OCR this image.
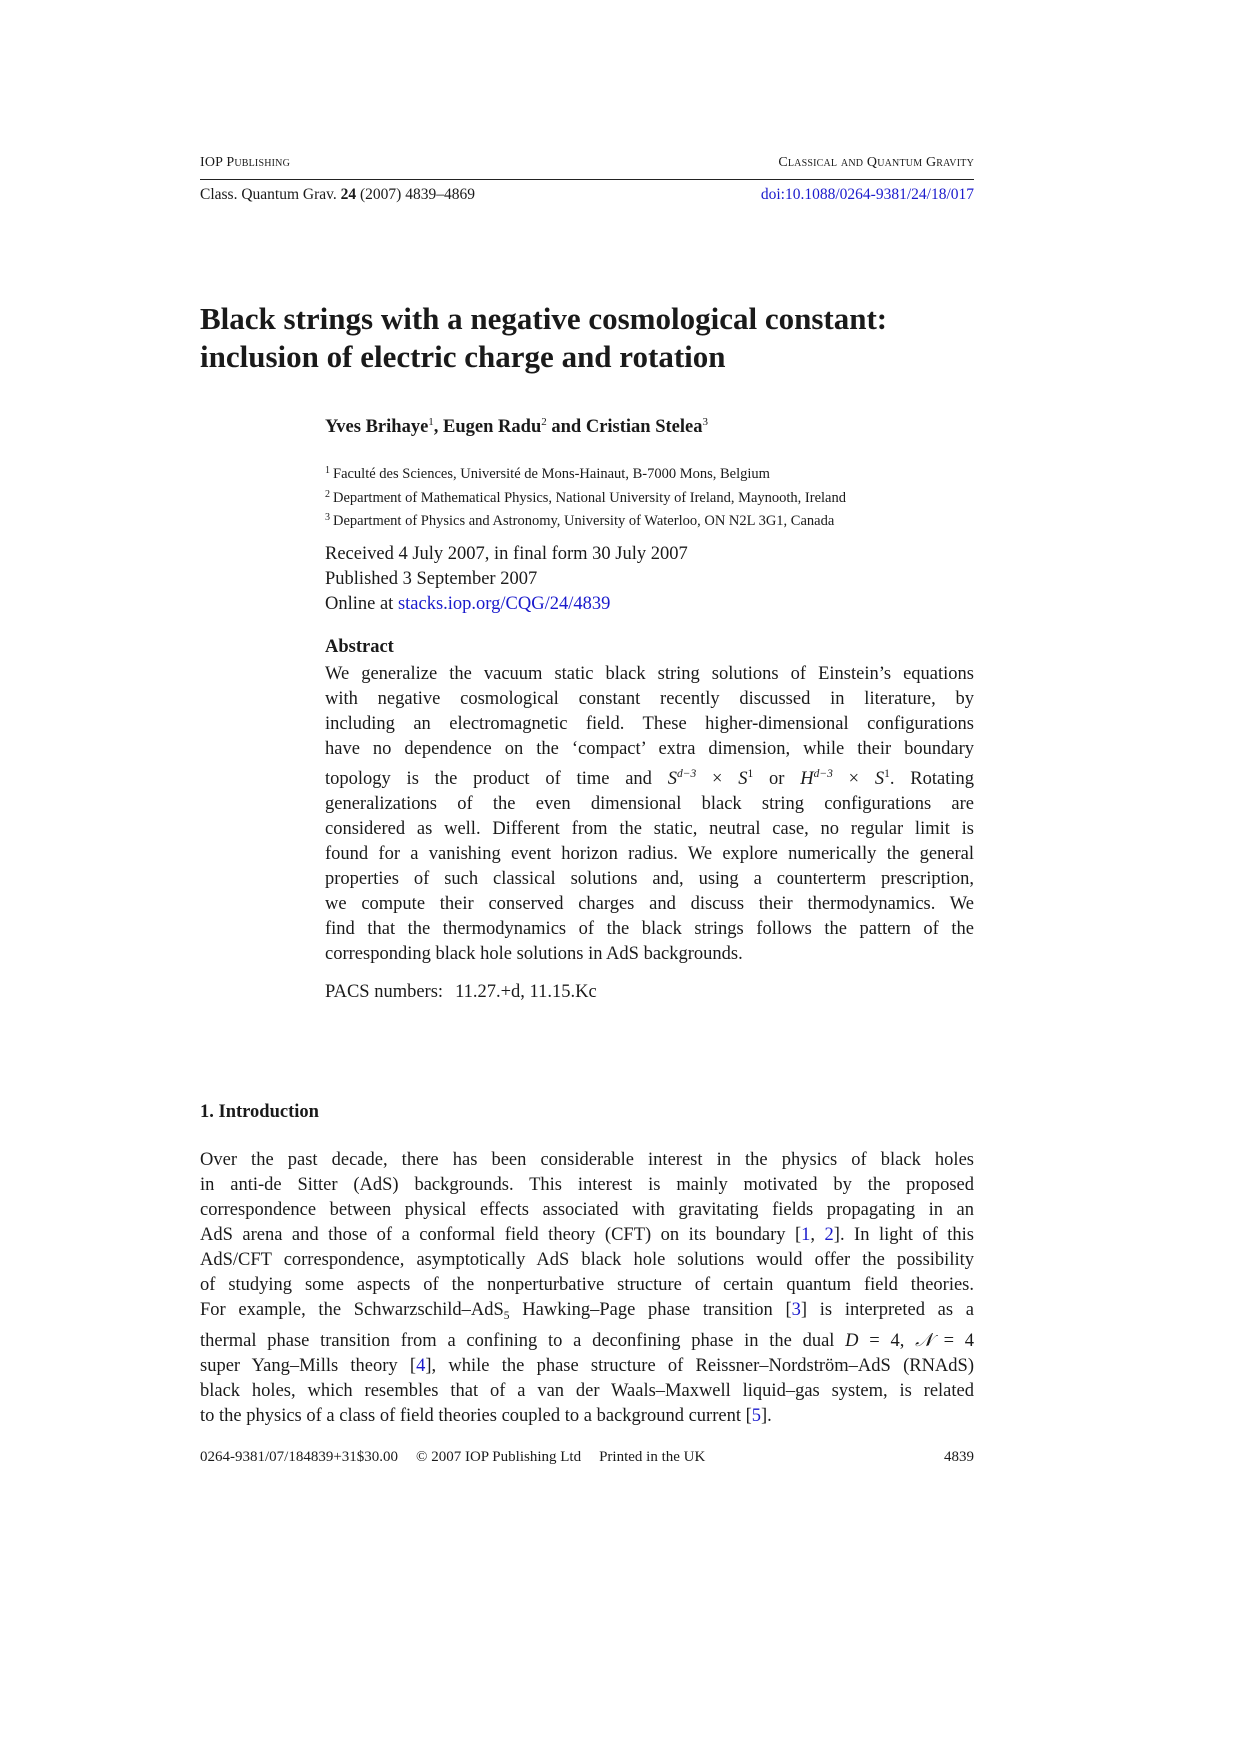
IOP Publishing	Classical and Quantum Gravity
Class. Quantum Grav. 24 (2007) 4839–4869	doi:10.1088/0264-9381/24/18/017
Black strings with a negative cosmological constant:
inclusion of electric charge and rotation
Yves Brihaye$^1$, Eugen Radu$^2$ and Cristian Stelea$^3$
$^1$ Faculté des Sciences, Université de Mons-Hainaut, B-7000 Mons, Belgium
$^2$ Department of Mathematical Physics, National University of Ireland, Maynooth, Ireland
$^3$ Department of Physics and Astronomy, University of Waterloo, ON N2L 3G1, Canada
Received 4 July 2007, in final form 30 July 2007
Published 3 September 2007
Online at stacks.iop.org/CQG/24/4839
Abstract
We generalize the vacuum static black string solutions of Einstein’s equations
with negative cosmological constant recently discussed in literature, by
including an electromagnetic field. These higher-dimensional configurations
have no dependence on the ‘compact’ extra dimension, while their boundary
topology is the product of time and $S^{d-3} \times S^1$ or $H^{d-3} \times S^1$. Rotating
generalizations of the even dimensional black string configurations are
considered as well. Different from the static, neutral case, no regular limit is
found for a vanishing event horizon radius. We explore numerically the general
properties of such classical solutions and, using a counterterm prescription,
we compute their conserved charges and discuss their thermodynamics. We
find that the thermodynamics of the black strings follows the pattern of the
corresponding black hole solutions in AdS backgrounds.
PACS numbers: 11.27.+d, 11.15.Kc
1. Introduction
Over the past decade, there has been considerable interest in the physics of black holes
in anti-de Sitter (AdS) backgrounds. This interest is mainly motivated by the proposed
correspondence between physical effects associated with gravitating fields propagating in an
AdS arena and those of a conformal field theory (CFT) on its boundary [1, 2]. In light of this
AdS/CFT correspondence, asymptotically AdS black hole solutions would offer the possibility
of studying some aspects of the nonperturbative structure of certain quantum field theories.
For example, the Schwarzschild–AdS$_5$ Hawking–Page phase transition [3] is interpreted as a
thermal phase transition from a confining to a deconfining phase in the dual D = 4, 𝒩 = 4
super Yang–Mills theory [4], while the phase structure of Reissner–Nordström–AdS (RNAdS)
black holes, which resembles that of a van der Waals–Maxwell liquid–gas system, is related
to the physics of a class of field theories coupled to a background current [5].
0264-9381/07/184839+31$30.00 © 2007 IOP Publishing Ltd Printed in the UK	4839
